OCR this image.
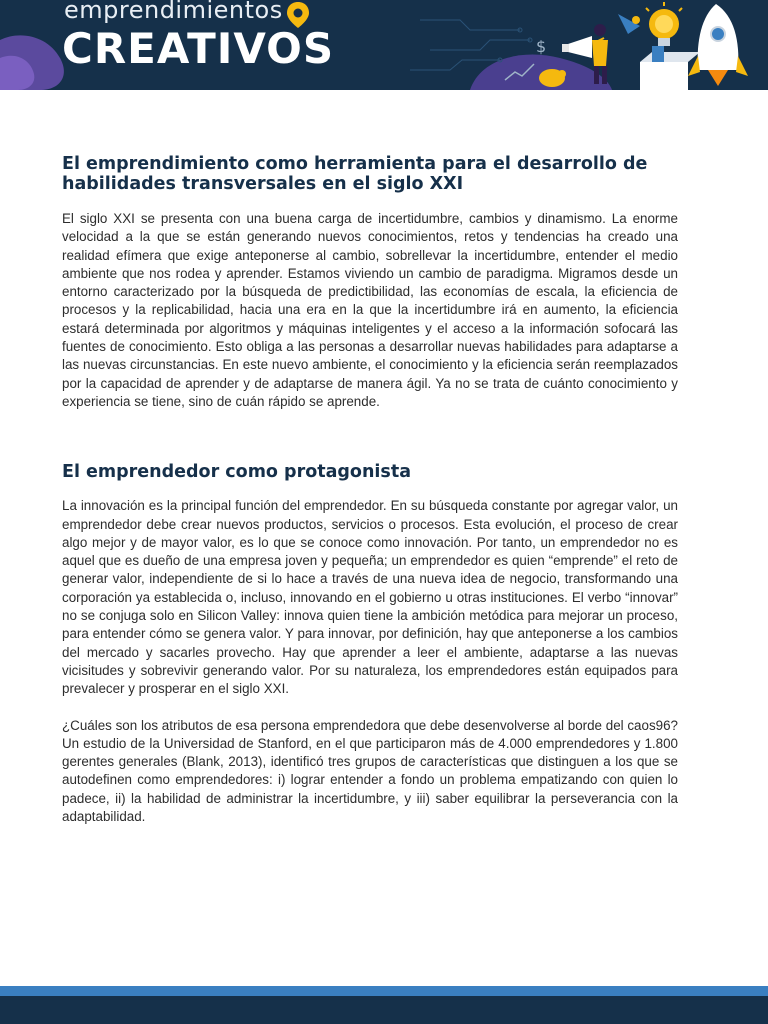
$
emprendimientos
CREATIVOS
El emprendimiento como herramienta para el desarrollo de habilidades transversales en el siglo XXI

El siglo XXI se presenta con una buena carga de incertidumbre, cambios y dinamismo. La enorme velocidad a la que se están generando nuevos conocimientos, retos y tendencias ha creado una realidad efímera que exige anteponerse al cambio, sobrellevar la incertidumbre, entender el medio ambiente que nos rodea y aprender. Estamos viviendo un cambio de paradigma. Migramos desde un entorno caracterizado por la búsqueda de predictibilidad, las economías de escala, la eficiencia de procesos y la replicabilidad, hacia una era en la que la incertidumbre irá en aumento, la eficiencia estará determinada por algoritmos y máquinas inteligentes y el acceso a la información sofocará las fuentes de conocimiento. Esto obliga a las personas a desarrollar nuevas habilidades para adaptarse a las nuevas circunstancias. En este nuevo ambiente, el conocimiento y la eficiencia serán reemplazados por la capacidad de aprender y de adaptarse de manera ágil. Ya no se trata de cuánto conocimiento y experiencia se tiene, sino de cuán rápido se aprende.

El emprendedor como protagonista

La innovación es la principal función del emprendedor. En su búsqueda constante por agregar valor, un emprendedor debe crear nuevos productos, servicios o procesos. Esta evolución, el proceso de crear algo mejor y de mayor valor, es lo que se conoce como innovación. Por tanto, un emprendedor no es aquel que es dueño de una empresa joven y pequeña; un emprendedor es quien “emprende” el reto de generar valor, independiente de si lo hace a través de una nueva idea de negocio, transformando una corporación ya establecida o, incluso, innovando en el gobierno u otras instituciones. El verbo “innovar” no se conjuga solo en Silicon Valley: innova quien tiene la ambición metódica para mejorar un proceso, para entender cómo se genera valor. Y para innovar, por definición, hay que anteponerse a los cambios del mercado y sacarles provecho. Hay que aprender a leer el ambiente, adaptarse a las nuevas vicisitudes y sobrevivir generando valor. Por su naturaleza, los emprendedores están equipados para prevalecer y prosperar en el siglo XXI.

¿Cuáles son los atributos de esa persona emprendedora que debe desenvolverse al borde del caos96? Un estudio de la Universidad de Stanford, en el que participaron más de 4.000 emprendedores y 1.800 gerentes generales (Blank, 2013), identificó tres grupos de características que distinguen a los que se autodefinen como emprendedores: i) lograr entender a fondo un problema empatizando con quien lo padece, ii) la habilidad de administrar la incertidumbre, y iii) saber equilibrar la perseverancia con la adaptabilidad.
